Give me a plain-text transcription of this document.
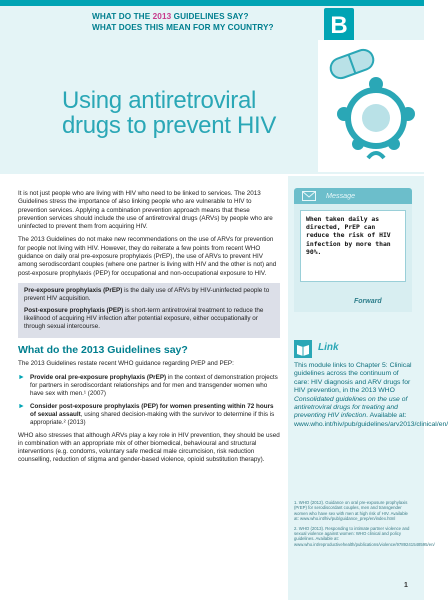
WHAT DO THE 2013 GUIDELINES SAY?
WHAT DOES THIS MEAN FOR MY COUNTRY? B
Using antiretroviral
drugs to prevent HIV

It is not just people who are living with HIV who need to be linked to services. The 2013 Guidelines stress the importance of also linking people who are vulnerable to HIV to prevention services. Applying a combination prevention approach means that these prevention services should include the use of antiretroviral drugs (ARVs) by people who are uninfected to prevent them from acquiring HIV.

The 2013 Guidelines do not make new recommendations on the use of ARVs for prevention for people not living with HIV. However, they do reiterate a few points from recent WHO guidance on daily oral pre-exposure prophylaxis (PrEP), the use of ARVs to prevent HIV among serodiscordant couples (where one partner is living with HIV and the other is not) and post-exposure prophylaxis (PEP) for occupational and non-occupational exposure to HIV.

Pre-exposure prophylaxis (PrEP) is the daily use of ARVs by HIV-uninfected people to prevent HIV acquisition.

Post-exposure prophylaxis (PEP) is short-term antiretroviral treatment to reduce the likelihood of acquiring HIV infection after potential exposure, either occupationally or through sexual intercourse.

What do the 2013 Guidelines say?

The 2013 Guidelines restate recent WHO guidance regarding PrEP and PEP:

► Provide oral pre-exposure prophylaxis (PrEP) in the context of demonstration projects for partners in serodiscordant relationships and for men and transgender women who have sex with men.¹ (2007)
► Consider post-exposure prophylaxis (PEP) for women presenting within 72 hours of sexual assault, using shared decision-making with the survivor to determine if this is appropriate.² (2013)

WHO also stresses that although ARVs play a key role in HIV prevention, they should be used in combination with an appropriate mix of other biomedical, behavioural and structural interventions (e.g. condoms, voluntary safe medical male circumcision, risk reduction counselling, reduction of stigma and gender-based violence, opioid substitution therapy).

Message
When taken daily as directed, PrEP can reduce the risk of HIV infection by more than 90%.
Forward
Link
This module links to Chapter 5: Clinical guidelines across the continuum of care: HIV diagnosis and ARV drugs for HIV prevention, in the 2013 WHO Consolidated guidelines on the use of antiretroviral drugs for treating and preventing HIV infection. Available at: www.who.int/hiv/pub/guidelines/arv2013/clinical/en/

1. WHO (2012). Guidance on oral pre-exposure prophylaxis (PrEP) for serodiscordant couples, men and transgender women who have sex with men at high risk of HIV. Available at: www.who.int/hiv/pub/guidance_prep/en/index.html

2. WHO (2013). Responding to intimate partner violence and sexual violence against women: WHO clinical and policy guidelines. Available at: www.who.int/reproductivehealth/publications/violence/9789241548595/en/

1
